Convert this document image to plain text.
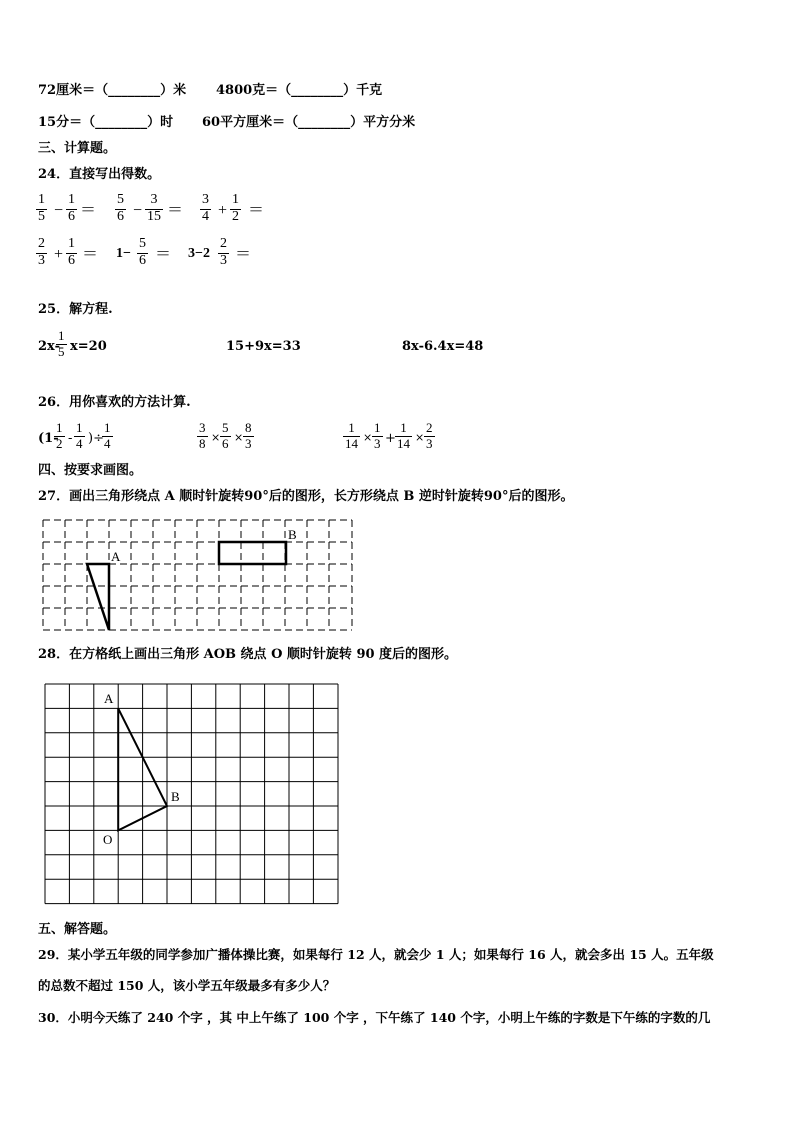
72厘米＝（________）米 4800克＝（________）千克
15分＝（________）时 60平方厘米＝（________）平方分米
三、计算题。
24．直接写出得数。
$\frac{1}{5} - \frac{1}{6} = \frac{5}{6} - \frac{3}{15} = \frac{3}{4} + \frac{1}{2}$ ＝
$\frac{2}{3} + \frac{1}{6} = 1- \frac{5}{6} = 3-2 \frac{2}{3}$ ＝
25．解方程.
2x-
$\frac{1}{5} x=20$	15+9x=33	8x-6.4x=48
26．用你喜欢的方法计算.
(1-
$\frac{1}{2} - \frac{1}{4}$ )÷
$\frac{1}{4}$	$\frac{3}{8} \times \frac{5}{6} \times \frac{8}{3}$	$\frac{1}{14} \times \frac{1}{3} + \frac{1}{14} \times \frac{2}{3}$
四、按要求画图。
27．画出三角形绕点 A 顺时针旋转90°后的图形，长方形绕点 B 逆时针旋转90°后的图形。
A
B
28．在方格纸上画出三角形 AOB 绕点 O 顺时针旋转 90 度后的图形。
A
B
O
五、解答题。
29．某小学五年级的同学参加广播体操比赛，如果每行 12 人，就会少 1 人；如果每行 16 人，就会多出 15 人。五年级
的总数不超过 150 人，该小学五年级最多有多少人？
30．小明今天练了 240 个字 ，其 中上午练了 100 个字 ，下午练了 140 个字，小明上午练的字数是下午练的字数的几
